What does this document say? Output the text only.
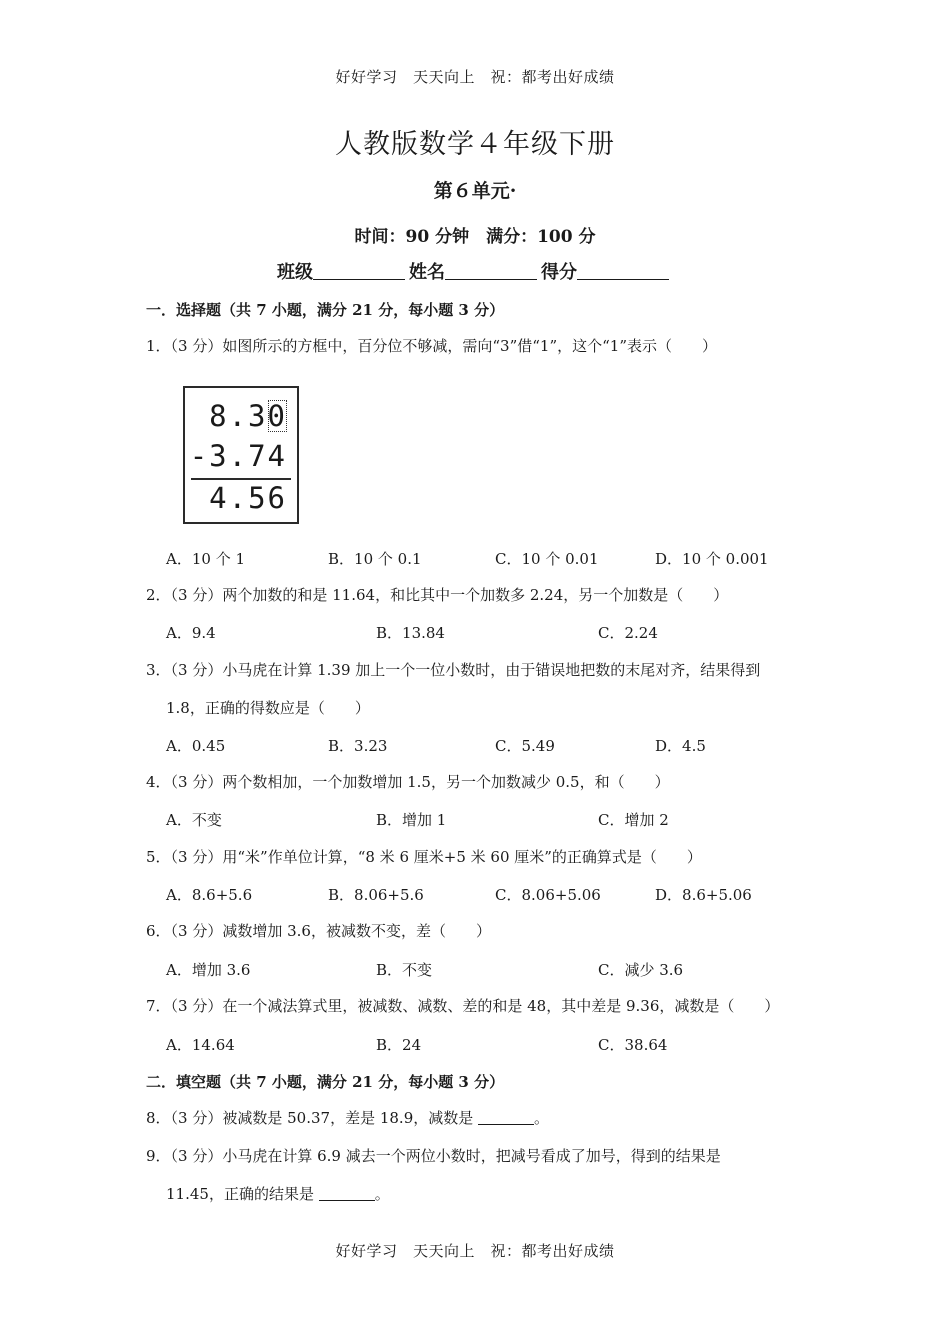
好好学习　天天向上　祝：都考出好成绩
人教版数学４年级下册
第６单元·
时间：90 分钟　满分：100 分
班级	姓名	得分
一．选择题（共 7 小题，满分 21 分，每小题 3 分）
1．（3 分）如图所示的方框中，百分位不够减，需向“3”借“1”，这个“1”表示（　　）
8.30
-3.74
4.56
A．10 个 1	B．10 个 0.1	C．10 个 0.01	D．10 个 0.001
2．（3 分）两个加数的和是 11.64，和比其中一个加数多 2.24，另一个加数是（　　）
A．9.4	B．13.84	C．2.24
3．（3 分）小马虎在计算 1.39 加上一个一位小数时，由于错误地把数的末尾对齐，结果得到
1.8，正确的得数应是（　　）
A．0.45	B．3.23	C．5.49	D．4.5
4．（3 分）两个数相加，一个加数增加 1.5，另一个加数减少 0.5，和（　　）
A．不变	B．增加 1	C．增加 2
5．（3 分）用“米”作单位计算，“8 米 6 厘米+5 米 60 厘米”的正确算式是（　　）
A．8.6+5.6	B．8.06+5.6	C．8.06+5.06	D．8.6+5.06
6．（3 分）减数增加 3.6，被减数不变，差（　　）
A．增加 3.6	B．不变	C．减少 3.6
7．（3 分）在一个减法算式里，被减数、减数、差的和是 48，其中差是 9.36，减数是（　　）
A．14.64	B．24	C．38.64
二．填空题（共 7 小题，满分 21 分，每小题 3 分）
8．（3 分）被减数是 50.37，差是 18.9，减数是	。
9．（3 分）小马虎在计算 6.9 减去一个两位小数时，把减号看成了加号，得到的结果是
11.45，正确的结果是	。
好好学习　天天向上　祝：都考出好成绩
